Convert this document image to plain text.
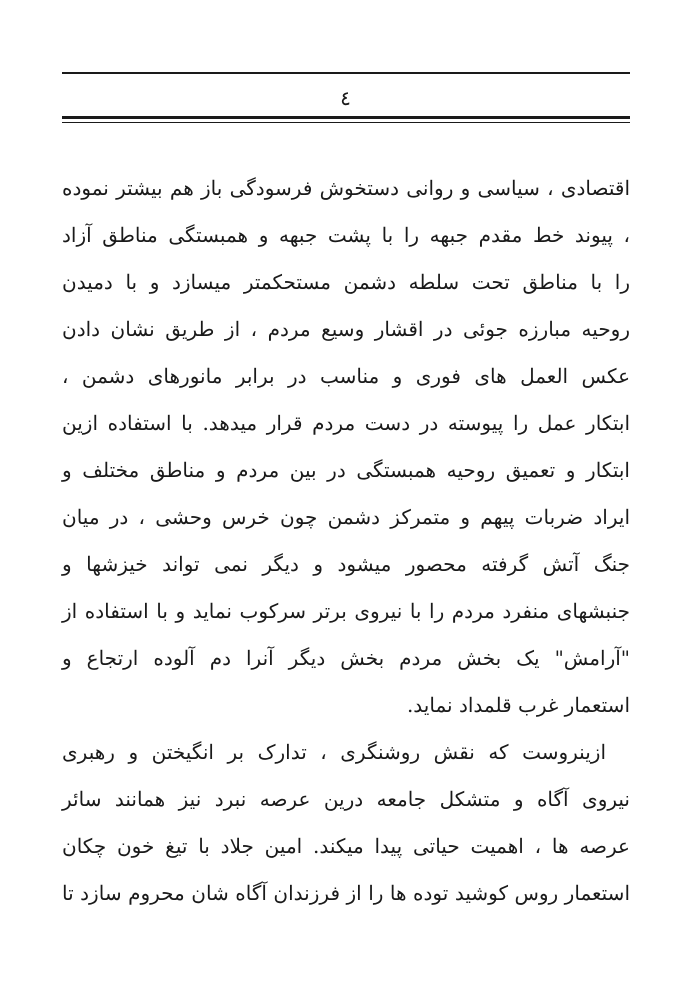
٤
اقتصادی ، سیاسی و روانی دستخوش فرسودگی باز هم بیشتر نموده
، پیوند خط مقدم جبهه را با پشت جبهه و همبستگی مناطق آزاد
را با مناطق تحت سلطه دشمن مستحکمتر میسازد و با دمیدن
روحیه مبارزه جوئی در اقشار وسیع مردم ، از طریق نشان دادن
عکس العمل های فوری و مناسب در برابر مانورهای دشمن ،
ابتکار عمل را پیوسته در دست مردم قرار میدهد. با استفاده ازین
ابتکار و تعمیق روحیه همبستگی در بین مردم و مناطق مختلف و
ایراد ضربات پیهم و متمرکز دشمن چون خرس وحشی ، در میان
جنگ آتش گرفته محصور میشود و دیگر نمی تواند خیزشها و
جنبشهای منفرد مردم را با نیروی برتر سرکوب نماید و با استفاده از
"آرامش" یک بخش مردم بخش دیگر آنرا دم آلوده ارتجاع و
استعمار غرب قلمداد نماید.
ازینروست که نقش روشنگری ، تدارک بر انگیختن و رهبری
نیروی آگاه و متشکل جامعه درین عرصه نبرد نیز همانند سائر
عرصه ها ، اهمیت حیاتی پیدا میکند. امین جلاد با تیغ خون چکان
استعمار روس کوشید توده ها را از فرزندان آگاه شان محروم سازد تا
